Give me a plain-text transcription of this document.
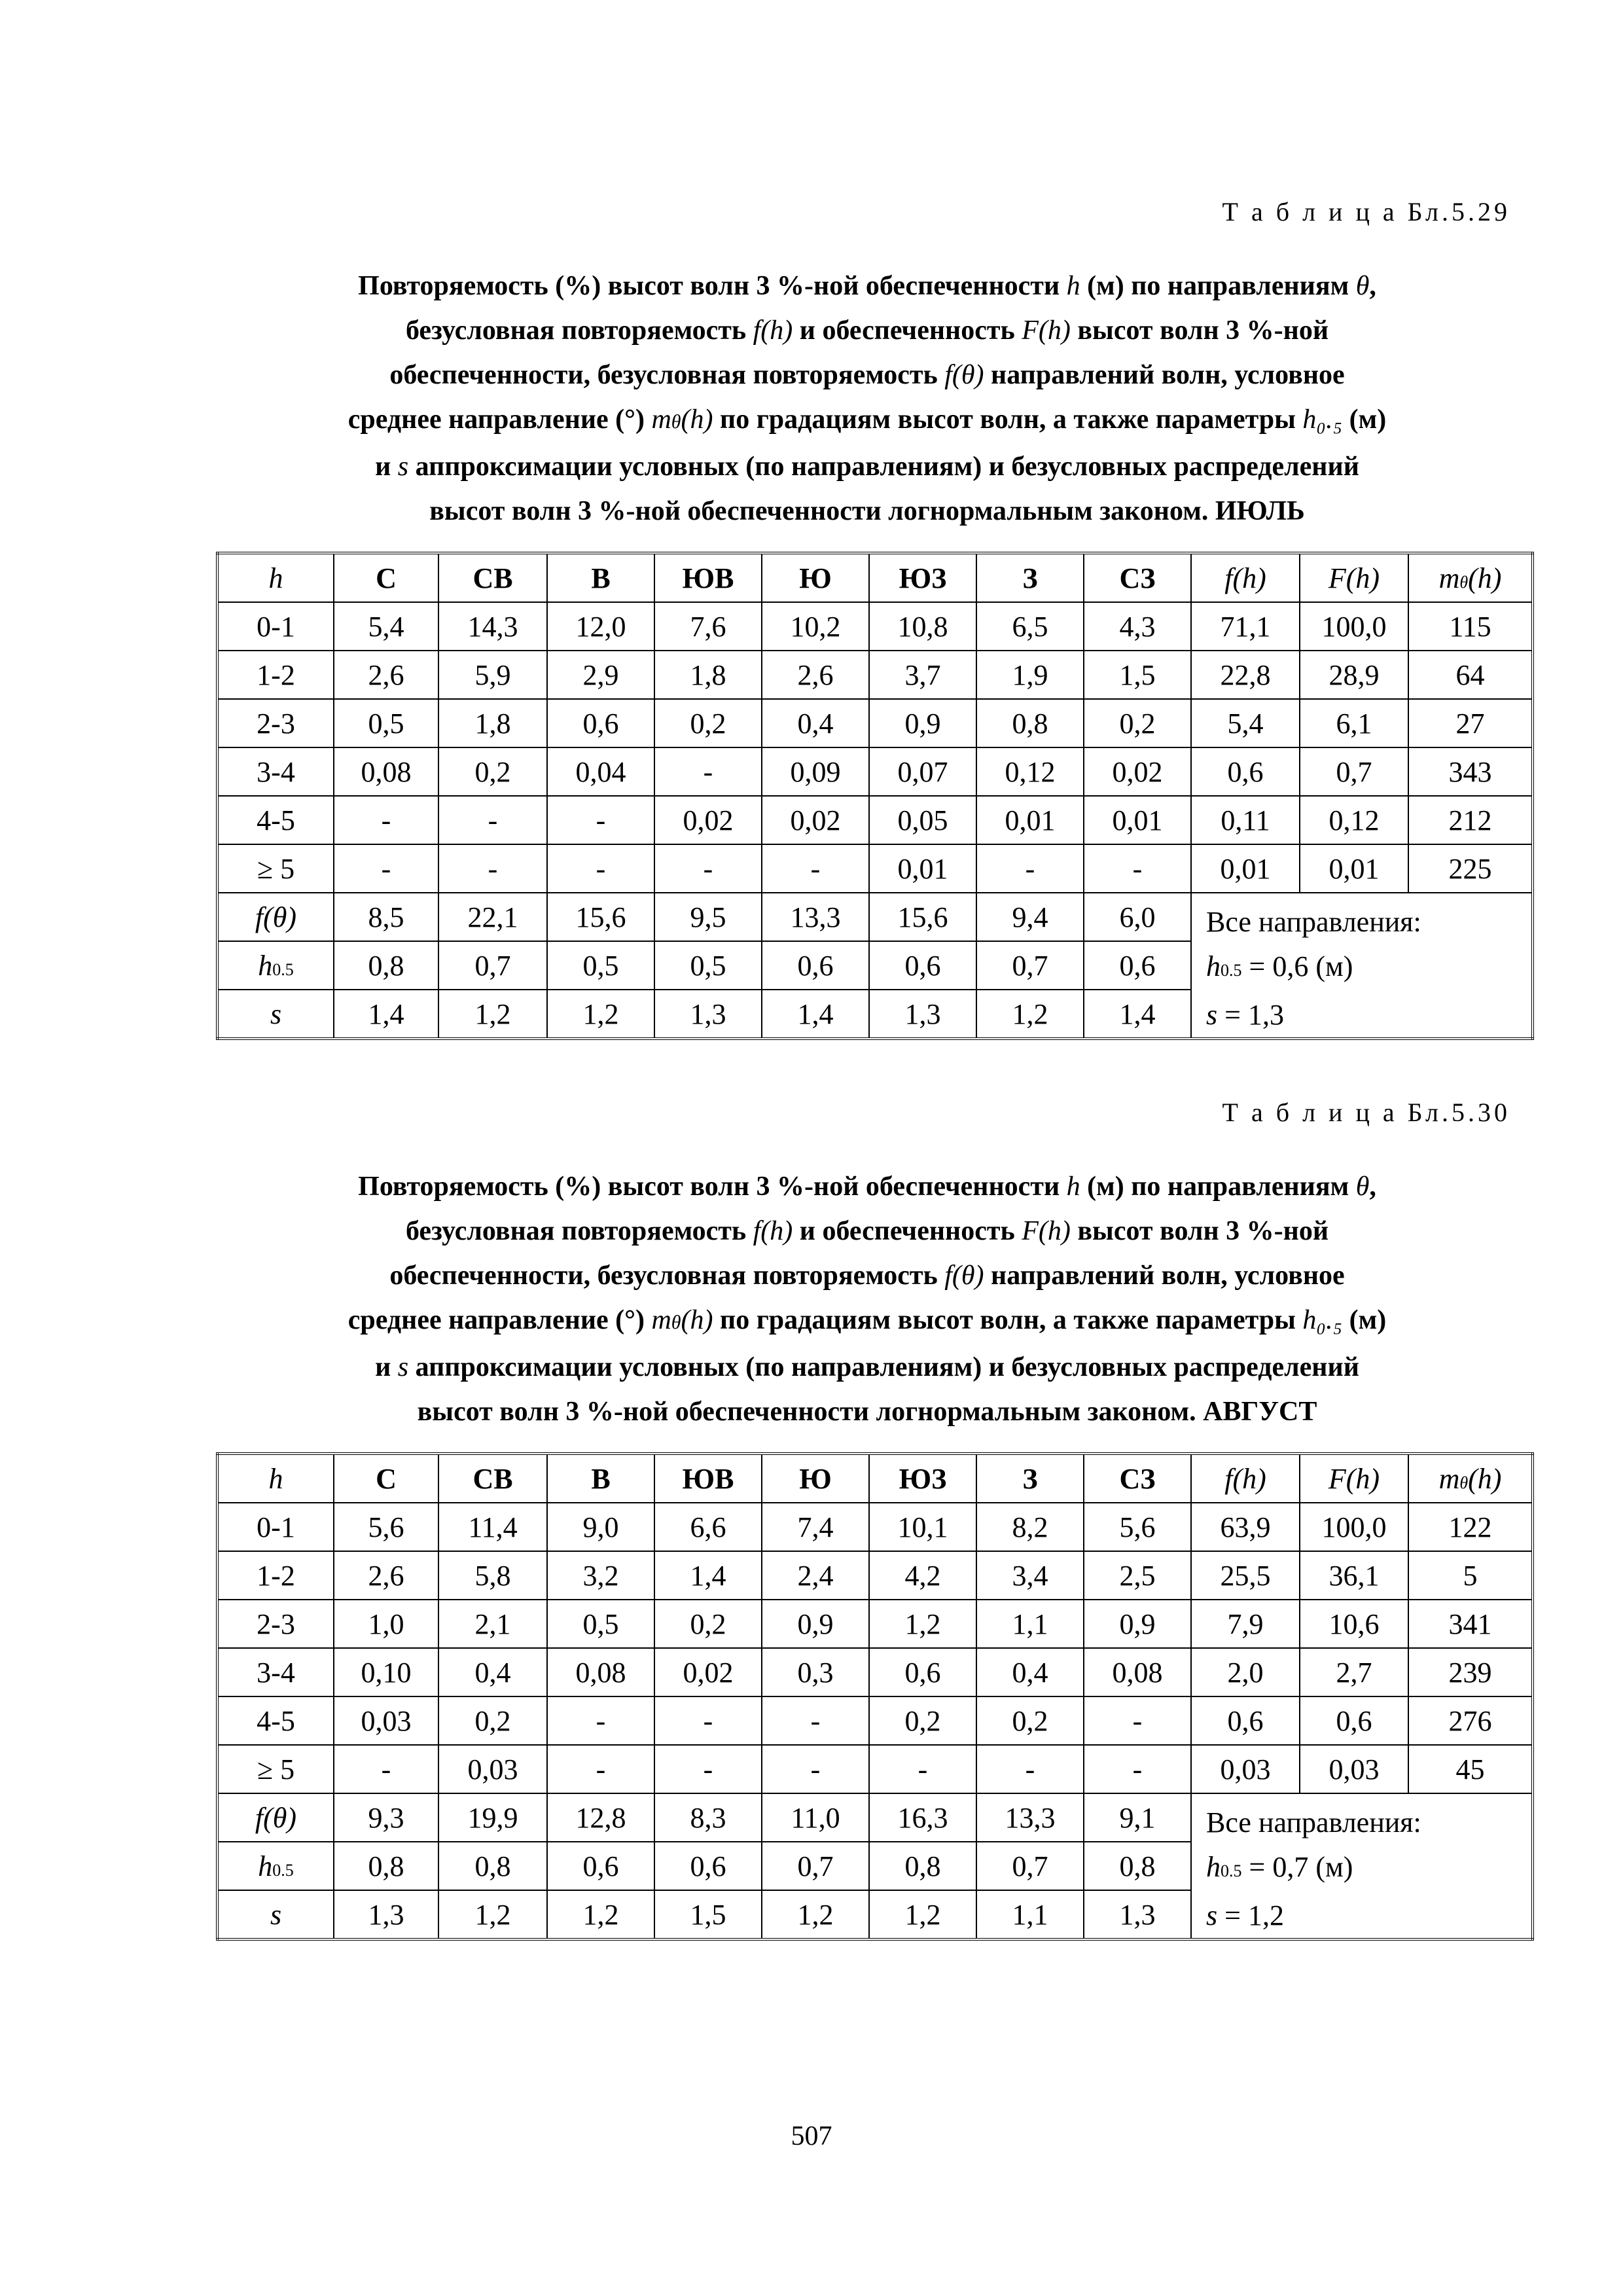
Т а б л и ц а Бл.5.29
Повторяемость (%) высот волн 3 %-ной обеспеченности h (м) по направлениям θ,
безусловная повторяемость f(h) и обеспеченность F(h) высот волн 3 %-ной
обеспеченности, безусловная повторяемость f(θ) направлений волн, условное
среднее направление (°) mθ(h) по градациям высот волн, а также параметры h₀.₅ (м)
и s аппроксимации условных (по направлениям) и безусловных распределений
высот волн 3 %-ной обеспеченности логнормальным законом. ИЮЛЬ
h	С	СВ	В	ЮВ	Ю	ЮЗ	З	СЗ	f(h)	F(h)	mθ(h)
0-1	5,4	14,3	12,0	7,6	10,2	10,8	6,5	4,3	71,1	100,0	115
1-2	2,6	5,9	2,9	1,8	2,6	3,7	1,9	1,5	22,8	28,9	64
2-3	0,5	1,8	0,6	0,2	0,4	0,9	0,8	0,2	5,4	6,1	27
3-4	0,08	0,2	0,04	-	0,09	0,07	0,12	0,02	0,6	0,7	343
4-5	-	-	-	0,02	0,02	0,05	0,01	0,01	0,11	0,12	212
≥ 5	-	-	-	-	-	0,01	-	-	0,01	0,01	225
f(θ)	8,5	22,1	15,6	9,5	13,3	15,6	9,4	6,0	Все направления:
h0.5 = 0,6 (м)
s = 1,3		

h0.5	0,8	0,7	0,5	0,5	0,6	0,6	0,7	0,6			
s	1,4	1,2	1,2	1,3	1,4	1,3	1,2	1,4			
Т а б л и ц а Бл.5.30
Повторяемость (%) высот волн 3 %-ной обеспеченности h (м) по направлениям θ,
безусловная повторяемость f(h) и обеспеченность F(h) высот волн 3 %-ной
обеспеченности, безусловная повторяемость f(θ) направлений волн, условное
среднее направление (°) mθ(h) по градациям высот волн, а также параметры h₀.₅ (м)
и s аппроксимации условных (по направлениям) и безусловных распределений
высот волн 3 %-ной обеспеченности логнормальным законом. АВГУСТ
h	С	СВ	В	ЮВ	Ю	ЮЗ	З	СЗ	f(h)	F(h)	mθ(h)
0-1	5,6	11,4	9,0	6,6	7,4	10,1	8,2	5,6	63,9	100,0	122
1-2	2,6	5,8	3,2	1,4	2,4	4,2	3,4	2,5	25,5	36,1	5
2-3	1,0	2,1	0,5	0,2	0,9	1,2	1,1	0,9	7,9	10,6	341
3-4	0,10	0,4	0,08	0,02	0,3	0,6	0,4	0,08	2,0	2,7	239
4-5	0,03	0,2	-	-	-	0,2	0,2	-	0,6	0,6	276
≥ 5	-	0,03	-	-	-	-	-	-	0,03	0,03	45
f(θ)	9,3	19,9	12,8	8,3	11,0	16,3	13,3	9,1	Все направления:
h0.5 = 0,7 (м)
s = 1,2		

h0.5	0,8	0,8	0,6	0,6	0,7	0,8	0,7	0,8			
s	1,3	1,2	1,2	1,5	1,2	1,2	1,1	1,3			
507
